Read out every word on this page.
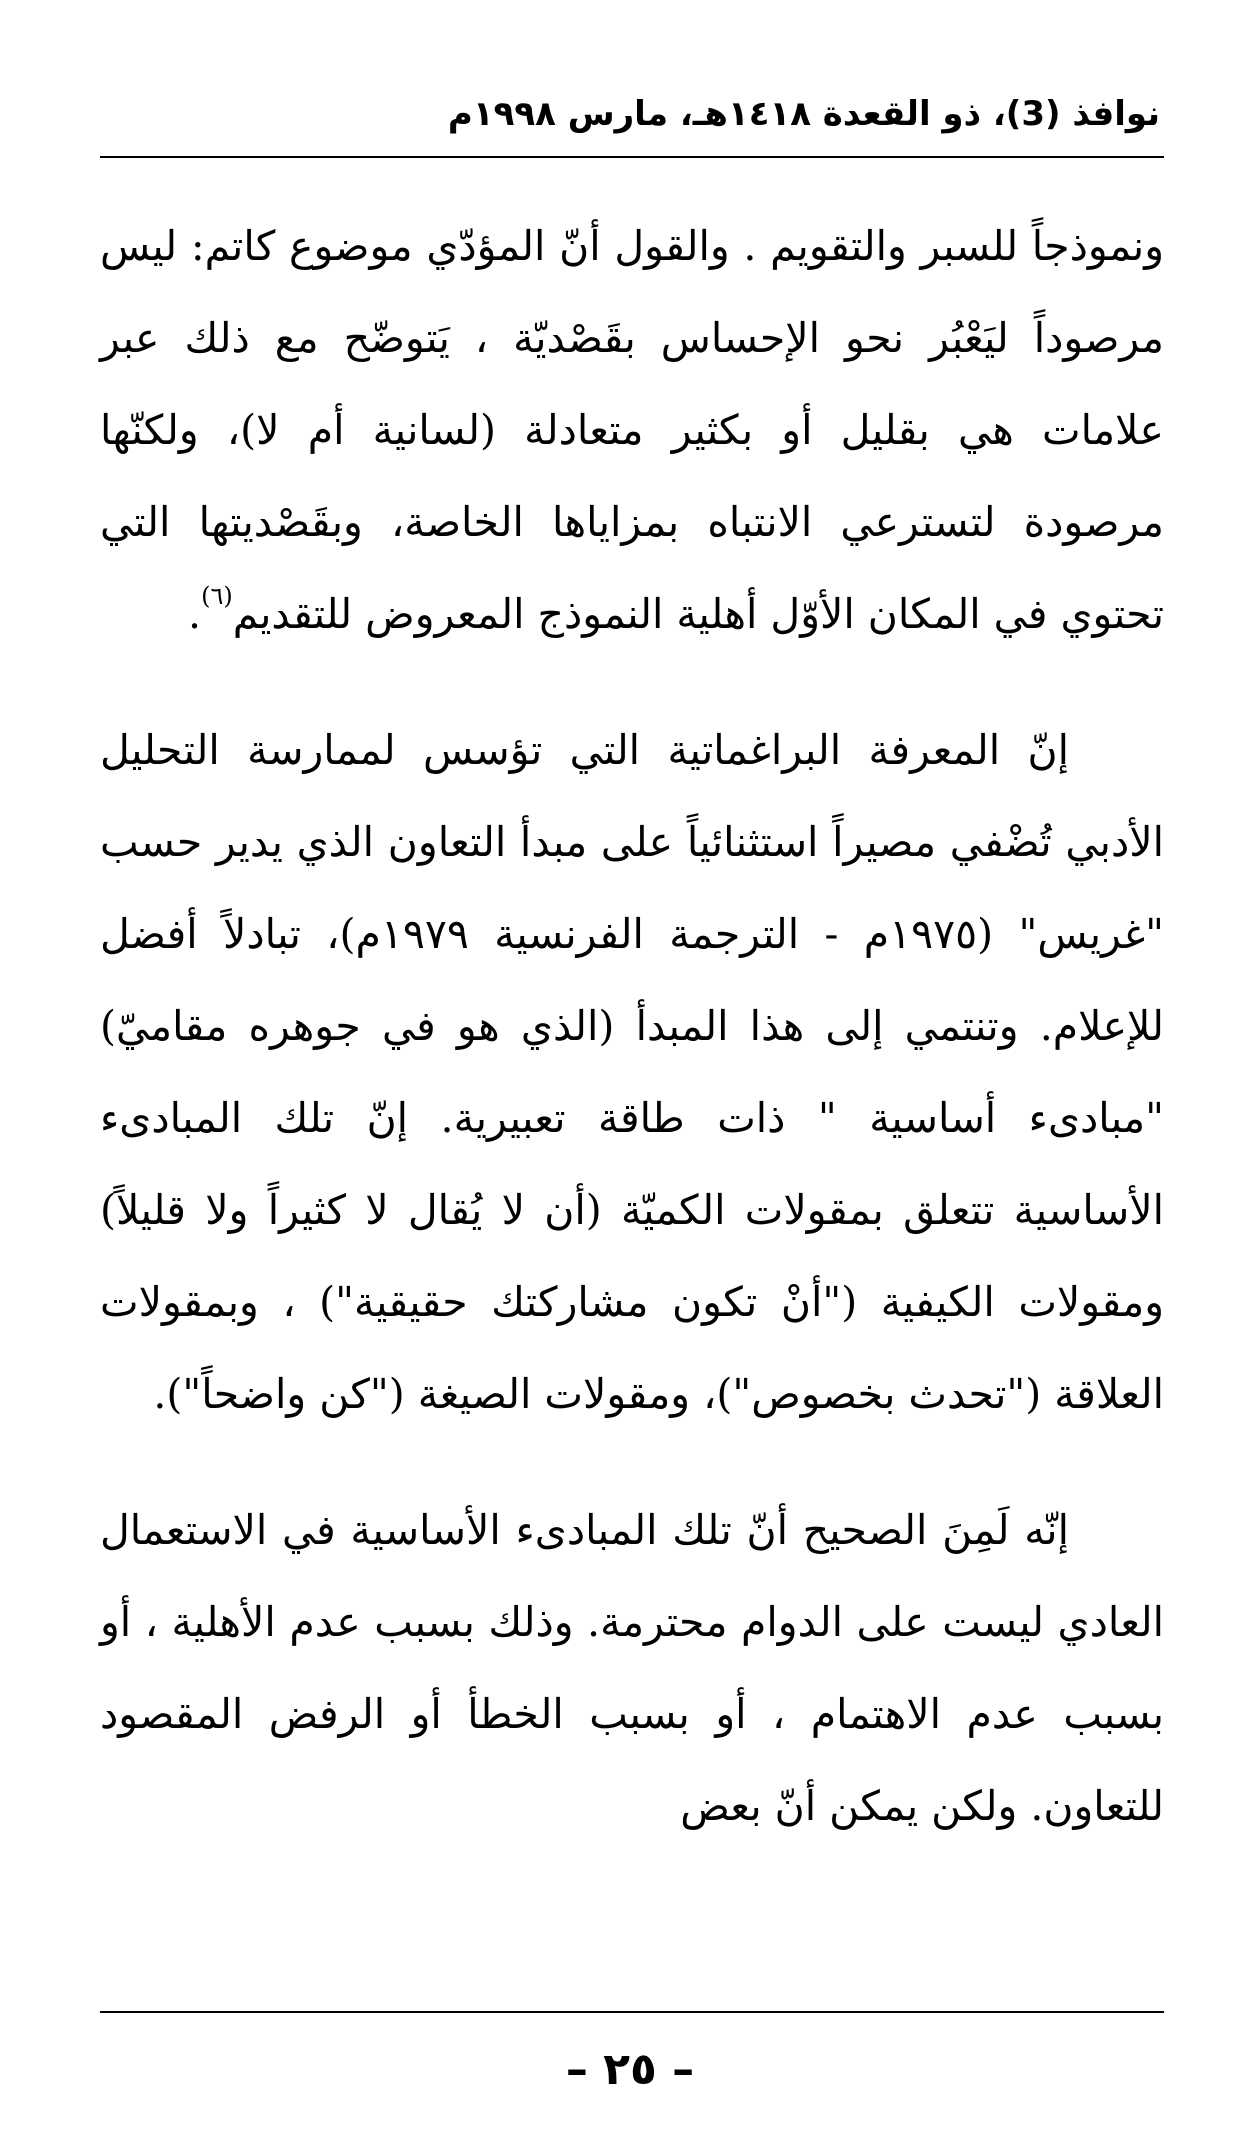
نوافذ (3)، ذو القعدة ١٤١٨هـ، مارس ١٩٩٨م

ونموذجاً للسبر والتقويم . والقول أنّ المؤدّي موضوع كاتم: ليس مرصوداً ليَعْبُر نحو الإحساس بقَصْديّة ، يَتوضّح مع ذلك عبر علامات هي بقليل أو بكثير متعادلة (لسانية أم لا)، ولكنّها مرصودة لتسترعي الانتباه بمزاياها الخاصة، وبقَصْديتها التي تحتوي في المكان الأوّل أهلية النموذج المعروض للتقديم$^{(٦)}$.

إنّ المعرفة البراغماتية التي تؤسس لممارسة التحليل الأدبي تُضْفي مصيراً استثنائياً على مبدأ التعاون الذي يدير حسب "غريس" (١٩٧٥م - الترجمة الفرنسية ١٩٧٩م)، تبادلاً أفضل للإعلام. وتنتمي إلى هذا المبدأ (الذي هو في جوهره مقاميّ) "مبادىء أساسية " ذات طاقة تعبيرية. إنّ تلك المبادىء الأساسية تتعلق بمقولات الكميّة (أن لا يُقال لا كثيراً ولا قليلاً) ومقولات الكيفية ("أنْ تكون مشاركتك حقيقية") ، وبمقولات العلاقة ("تحدث بخصوص")، ومقولات الصيغة ("كن واضحاً").

إنّه لَمِنَ الصحيح أنّ تلك المبادىء الأساسية في الاستعمال العادي ليست على الدوام محترمة. وذلك بسبب عدم الأهلية ، أو بسبب عدم الاهتمام ، أو بسبب الخطأ أو الرفض المقصود للتعاون. ولكن يمكن أنّ بعض

– ٢٥ –
